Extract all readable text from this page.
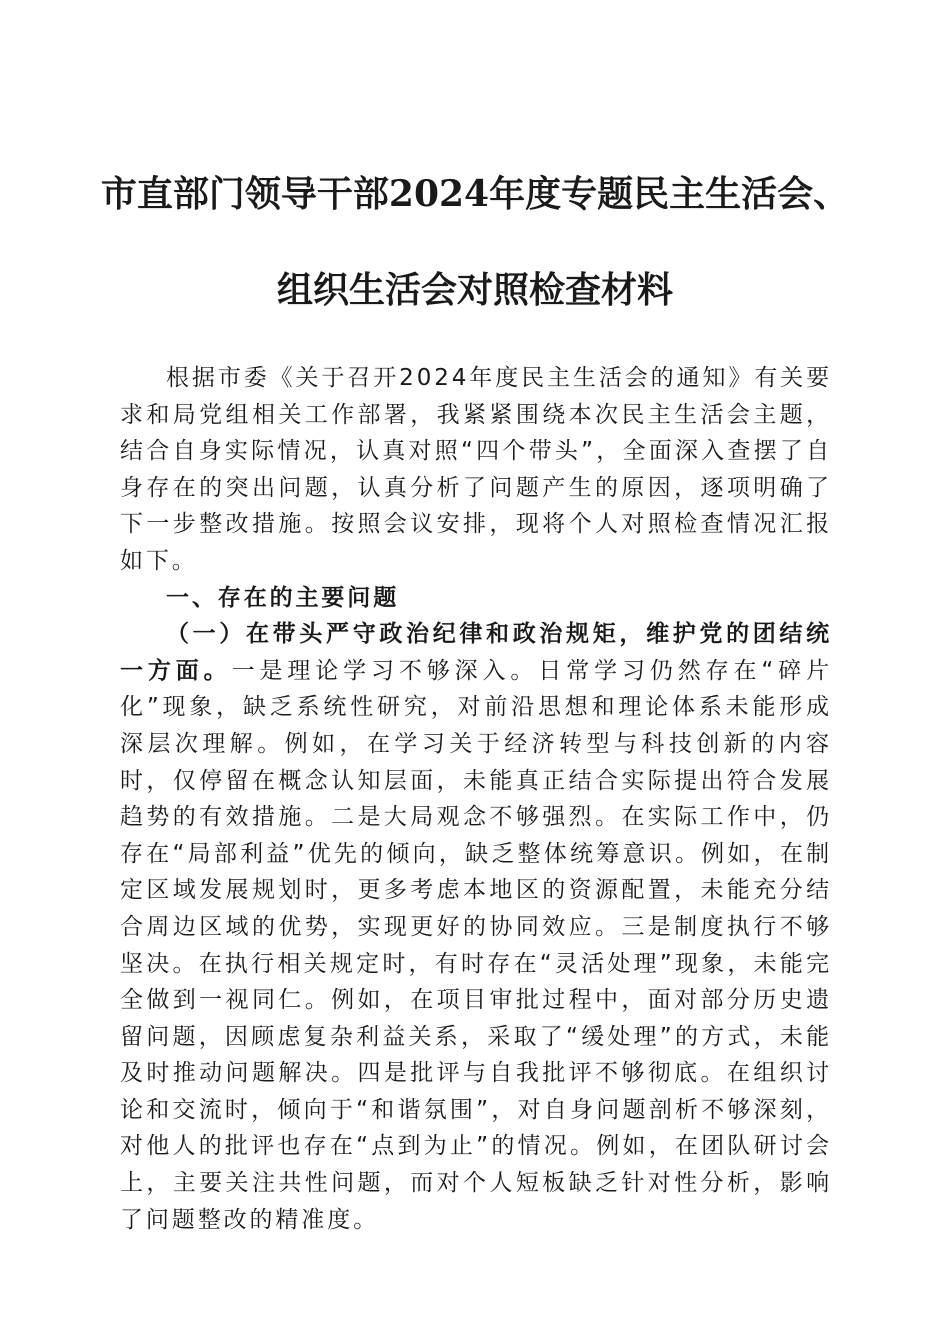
市直部门领导干部2024年度专题民主生活会、
组织生活会对照检查材料

根据市委《关于召开2024年度民主生活会的通知》有关要求和局党组相关工作部署，我紧紧围绕本次民主生活会主题，结合自身实际情况，认真对照“四个带头”，全面深入查摆了自身存在的突出问题，认真分析了问题产生的原因，逐项明确了下一步整改措施。按照会议安排，现将个人对照检查情况汇报如下。

一、存在的主要问题

（一）在带头严守政治纪律和政治规矩，维护党的团结统一方面。一是理论学习不够深入。日常学习仍然存在“碎片化”现象，缺乏系统性研究，对前沿思想和理论体系未能形成深层次理解。例如，在学习关于经济转型与科技创新的内容时，仅停留在概念认知层面，未能真正结合实际提出符合发展趋势的有效措施。二是大局观念不够强烈。在实际工作中，仍存在“局部利益”优先的倾向，缺乏整体统筹意识。例如，在制定区域发展规划时，更多考虑本地区的资源配置，未能充分结合周边区域的优势，实现更好的协同效应。三是制度执行不够坚决。在执行相关规定时，有时存在“灵活处理”现象，未能完全做到一视同仁。例如，在项目审批过程中，面对部分历史遗留问题，因顾虑复杂利益关系，采取了“缓处理”的方式，未能及时推动问题解决。四是批评与自我批评不够彻底。在组织讨论和交流时，倾向于“和谐氛围”，对自身问题剖析不够深刻，对他人的批评也存在“点到为止”的情况。例如，在团队研讨会上，主要关注共性问题，而对个人短板缺乏针对性分析，影响了问题整改的精准度。
